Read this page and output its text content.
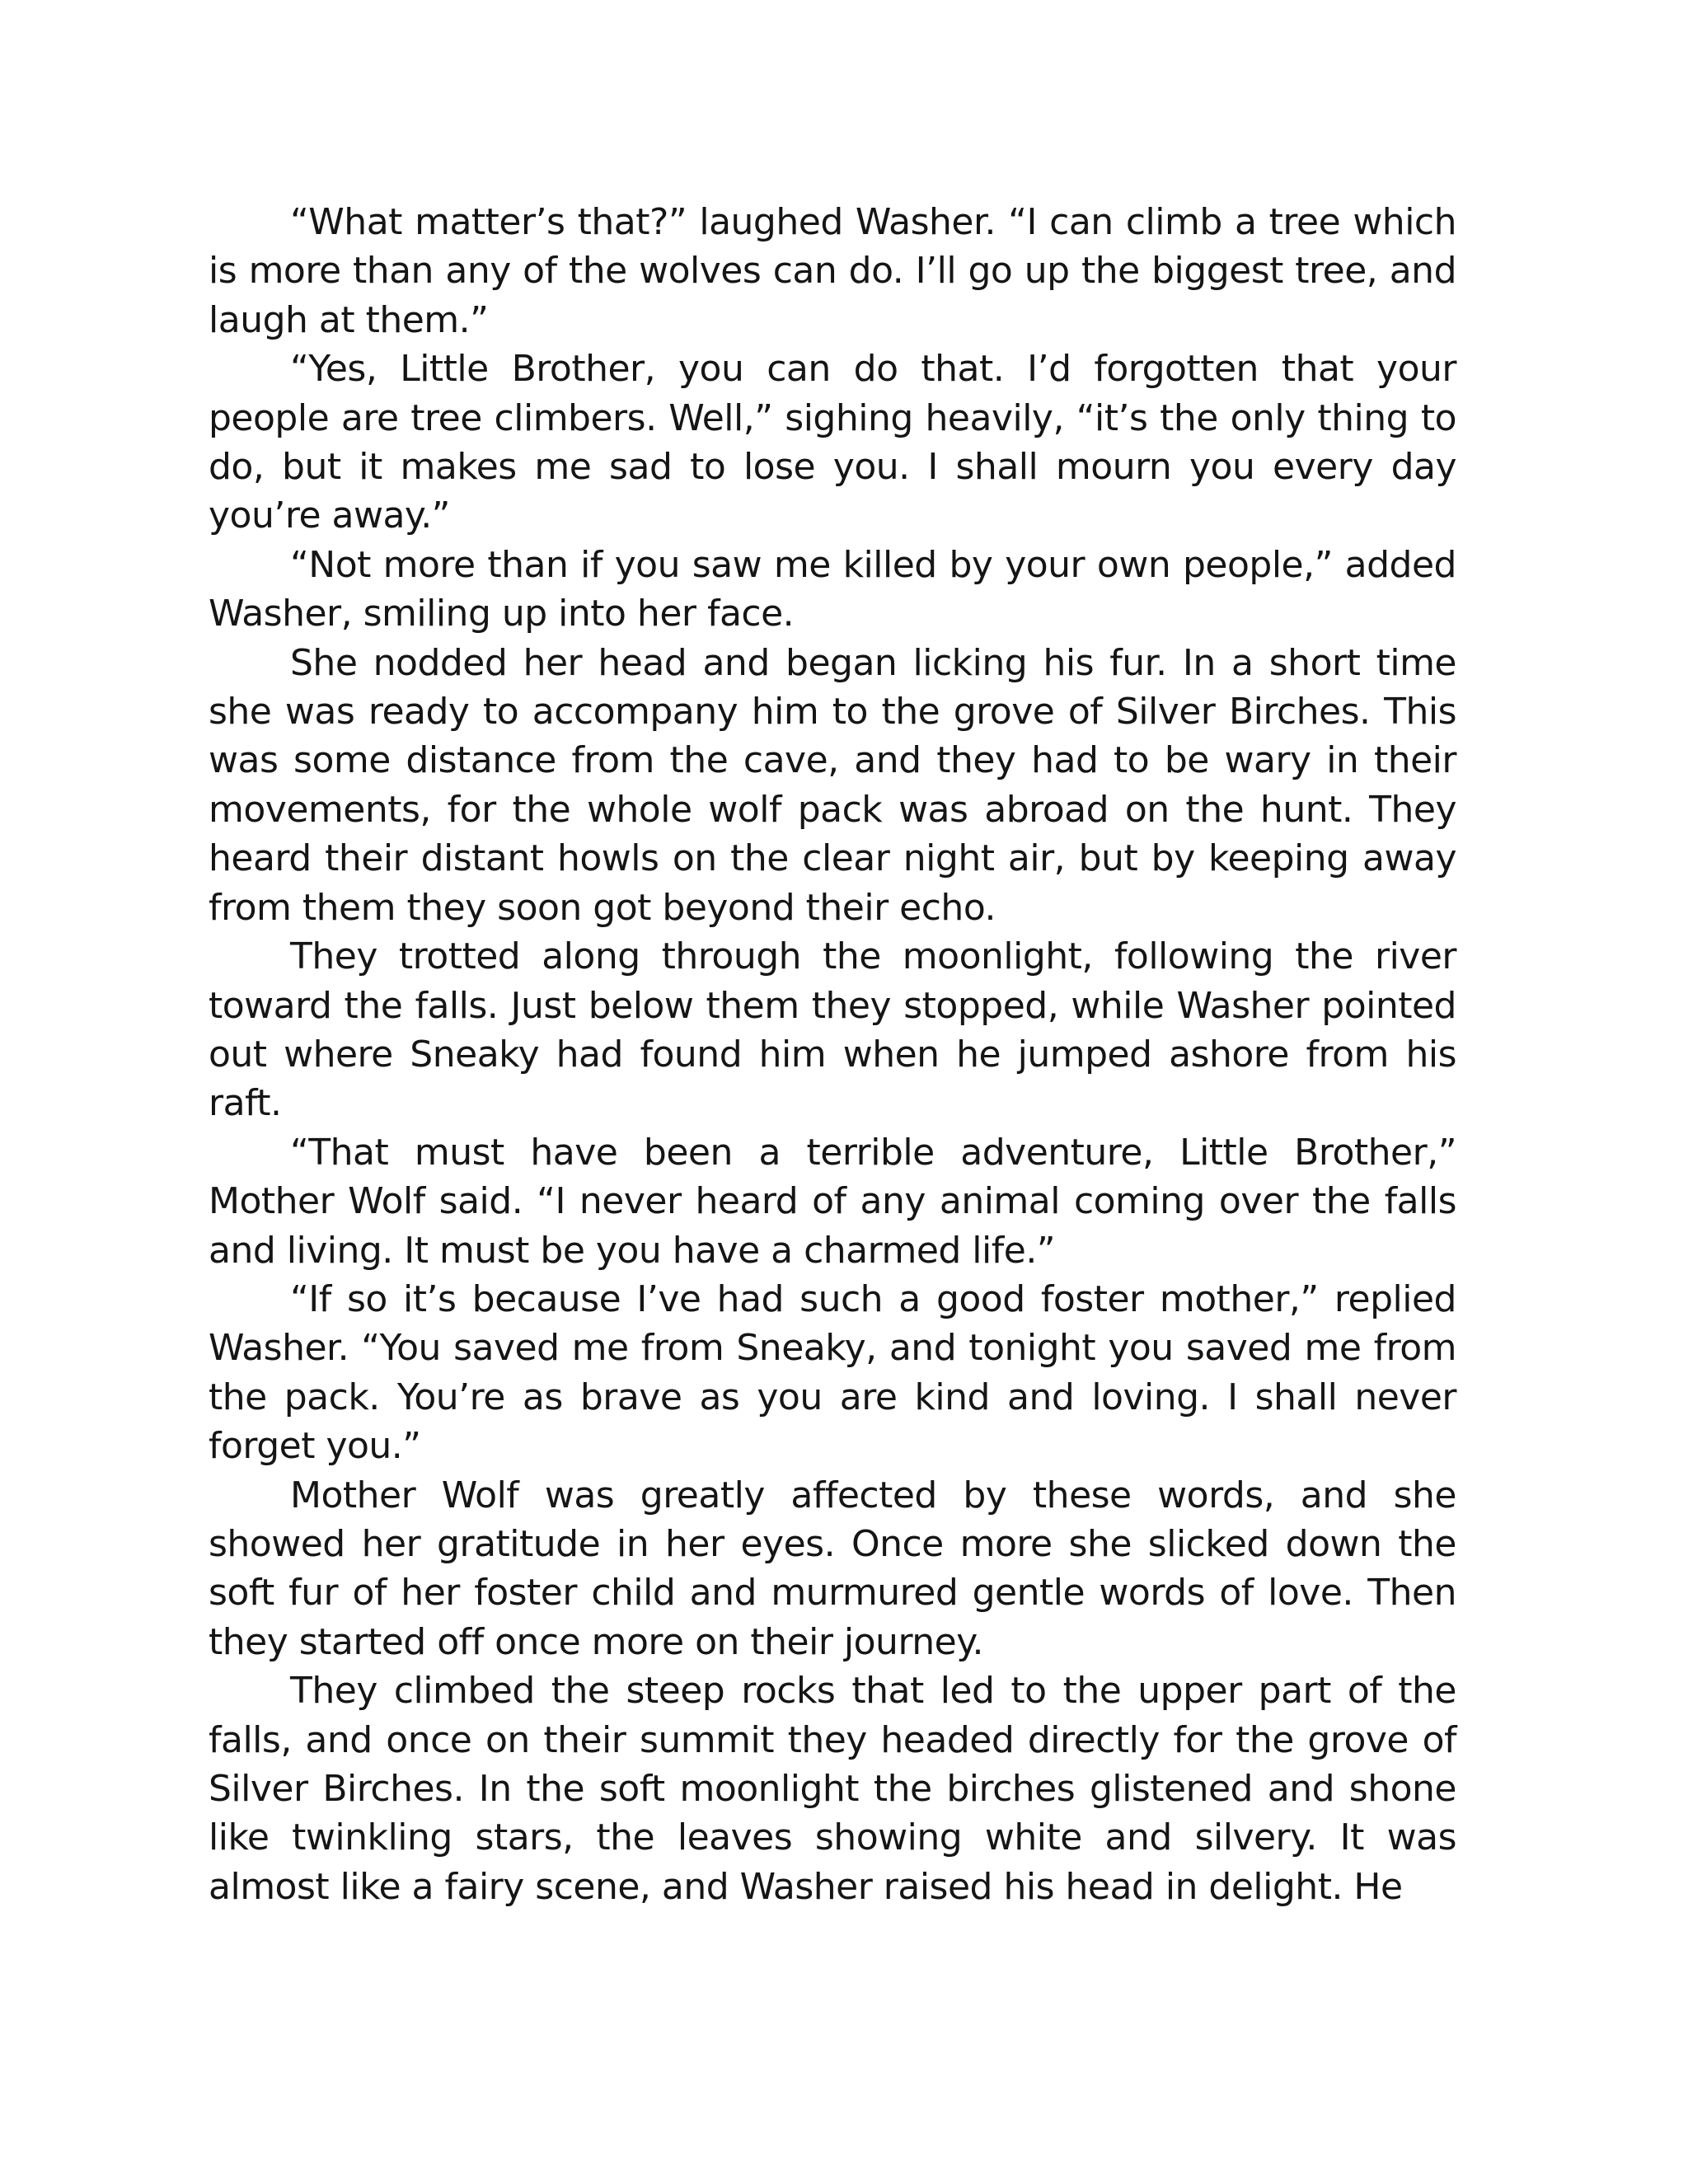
“What matter’s that?” laughed Washer. “I can climb a tree which is more than any of the wolves can do. I’ll go up the biggest tree, and laugh at them.”

“Yes, Little Brother, you can do that. I’d forgotten that your people are tree climbers. Well,” sighing heavily, “it’s the only thing to do, but it makes me sad to lose you. I shall mourn you every day you’re away.”

“Not more than if you saw me killed by your own people,” added Washer, smiling up into her face.

She nodded her head and began licking his fur. In a short time she was ready to accompany him to the grove of Silver Birches. This was some distance from the cave, and they had to be wary in their movements, for the whole wolf pack was abroad on the hunt. They heard their distant howls on the clear night air, but by keeping away from them they soon got beyond their echo.

They trotted along through the moonlight, following the river toward the falls. Just below them they stopped, while Washer pointed out where Sneaky had found him when he jumped ashore from his raft.

“That must have been a terrible adventure, Little Brother,” Mother Wolf said. “I never heard of any animal coming over the falls and living. It must be you have a charmed life.”

“If so it’s because I’ve had such a good foster mother,” replied Washer. “You saved me from Sneaky, and tonight you saved me from the pack. You’re as brave as you are kind and loving. I shall never forget you.”

Mother Wolf was greatly affected by these words, and she showed her gratitude in her eyes. Once more she slicked down the soft fur of her foster child and murmured gentle words of love. Then they started off once more on their journey.

They climbed the steep rocks that led to the upper part of the falls, and once on their summit they headed directly for the grove of Silver Birches. In the soft moonlight the birches glistened and shone like twinkling stars, the leaves showing white and silvery. It was almost like a fairy scene, and Washer raised his head in delight. He
